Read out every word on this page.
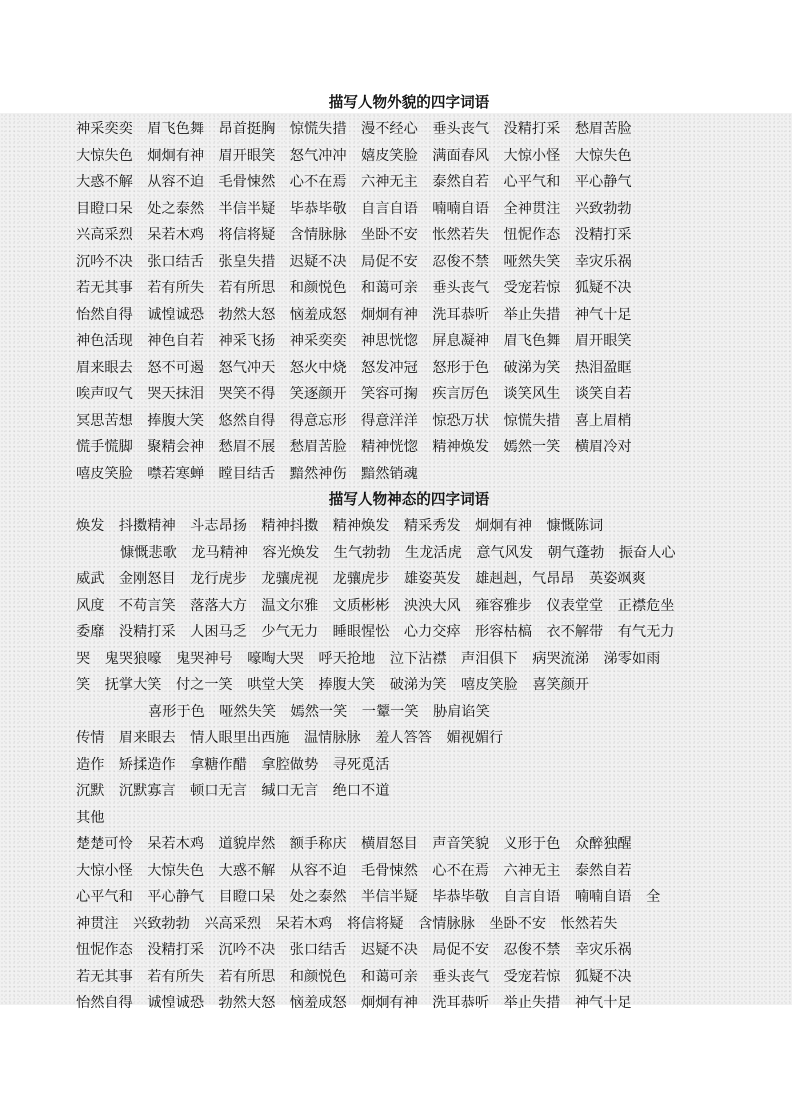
描写人物外貌的四字词语
神采奕奕 眉飞色舞 昂首挺胸 惊慌失措 漫不经心 垂头丧气 没精打采 愁眉苦脸
大惊失色 炯炯有神 眉开眼笑 怒气冲冲 嬉皮笑脸 满面春风 大惊小怪 大惊失色
大惑不解 从容不迫 毛骨悚然 心不在焉 六神无主 泰然自若 心平气和 平心静气
目瞪口呆 处之泰然 半信半疑 毕恭毕敬 自言自语 喃喃自语 全神贯注 兴致勃勃
兴高采烈 呆若木鸡 将信将疑 含情脉脉 坐卧不安 怅然若失 忸怩作态 没精打采
沉吟不决 张口结舌 张皇失措 迟疑不决 局促不安 忍俊不禁 哑然失笑 幸灾乐祸
若无其事 若有所失 若有所思 和颜悦色 和蔼可亲 垂头丧气 受宠若惊 狐疑不决
怡然自得 诚惶诚恐 勃然大怒 恼羞成怒 炯炯有神 洗耳恭听 举止失措 神气十足
神色活现 神色自若 神采飞扬 神采奕奕 神思恍惚 屏息凝神 眉飞色舞 眉开眼笑
眉来眼去 怒不可遏 怒气冲天 怒火中烧 怒发冲冠 怒形于色 破涕为笑 热泪盈眶
唉声叹气 哭天抹泪 哭笑不得 笑逐颜开 笑容可掬 疾言厉色 谈笑风生 谈笑自若
冥思苦想 捧腹大笑 悠然自得 得意忘形 得意洋洋 惊恐万状 惊慌失措 喜上眉梢
慌手慌脚 聚精会神 愁眉不展 愁眉苦脸 精神恍惚 精神焕发 嫣然一笑 横眉冷对
嘻皮笑脸 噤若寒蝉 瞠目结舌 黯然神伤 黯然销魂
描写人物神态的四字词语
焕发 抖擞精神 斗志昂扬 精神抖擞 精神焕发 精采秀发 炯炯有神 慷慨陈词
慷慨悲歌 龙马精神 容光焕发 生气勃勃 生龙活虎 意气风发 朝气蓬勃 振奋人心
威武 金刚怒目 龙行虎步 龙骧虎视 龙骧虎步 雄姿英发 雄赳赳，气昂昂 英姿飒爽
风度 不苟言笑 落落大方 温文尔雅 文质彬彬 泱泱大风 雍容雅步 仪表堂堂 正襟危坐
委靡 没精打采 人困马乏 少气无力 睡眼惺忪 心力交瘁 形容枯槁 衣不解带 有气无力
哭 鬼哭狼嚎 鬼哭神号 嚎啕大哭 呼天抢地 泣下沾襟 声泪俱下 病哭流涕 涕零如雨
笑 抚掌大笑 付之一笑 哄堂大笑 捧腹大笑 破涕为笑 嘻皮笑脸 喜笑颜开
喜形于色 哑然失笑 嫣然一笑 一颦一笑 胁肩谄笑
传情 眉来眼去 情人眼里出西施 温情脉脉 羞人答答 媚视媚行
造作 矫揉造作 拿糖作醋 拿腔做势 寻死觅活
沉默 沉默寡言 顿口无言 缄口无言 绝口不道
其他
楚楚可怜 呆若木鸡 道貌岸然 额手称庆 横眉怒目 声音笑貌 义形于色 众醉独醒
大惊小怪 大惊失色 大惑不解 从容不迫 毛骨悚然 心不在焉 六神无主 泰然自若
心平气和 平心静气 目瞪口呆 处之泰然 半信半疑 毕恭毕敬 自言自语 喃喃自语 全
神贯注 兴致勃勃 兴高采烈 呆若木鸡 将信将疑 含情脉脉 坐卧不安 怅然若失
忸怩作态 没精打采 沉吟不决 张口结舌 迟疑不决 局促不安 忍俊不禁 幸灾乐祸
若无其事 若有所失 若有所思 和颜悦色 和蔼可亲 垂头丧气 受宠若惊 狐疑不决
怡然自得 诚惶诚恐 勃然大怒 恼羞成怒 炯炯有神 洗耳恭听 举止失措 神气十足
